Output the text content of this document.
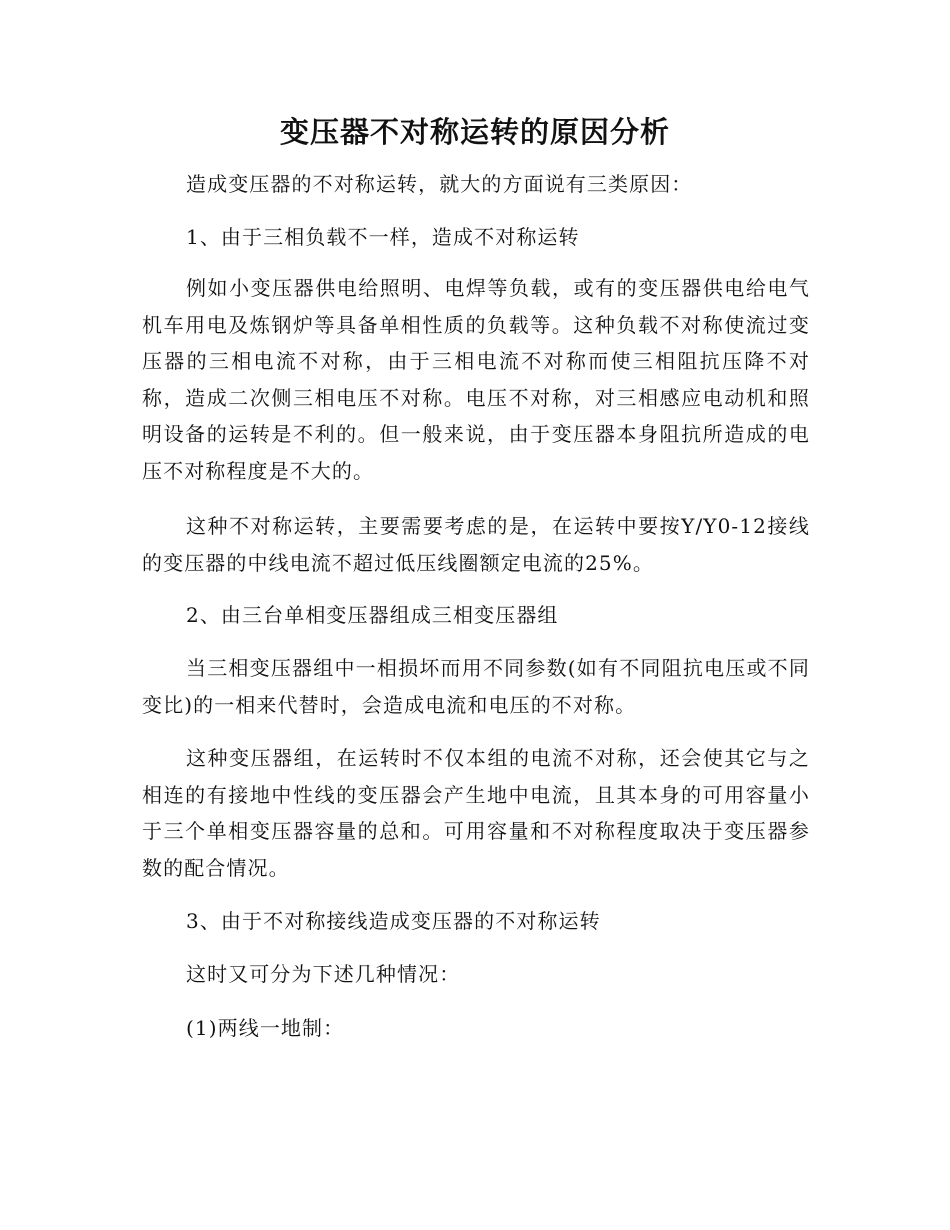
变压器不对称运转的原因分析

造成变压器的不对称运转，就大的方面说有三类原因：

1、由于三相负载不一样，造成不对称运转

例如小变压器供电给照明、电焊等负载，或有的变压器供电给电气机车用电及炼钢炉等具备单相性质的负载等。这种负载不对称使流过变压器的三相电流不对称，由于三相电流不对称而使三相阻抗压降不对称，造成二次侧三相电压不对称。电压不对称，对三相感应电动机和照明设备的运转是不利的。但一般来说，由于变压器本身阻抗所造成的电压不对称程度是不大的。

这种不对称运转，主要需要考虑的是，在运转中要按Y/Y0-12接线的变压器的中线电流不超过低压线圈额定电流的25%。

2、由三台单相变压器组成三相变压器组

当三相变压器组中一相损坏而用不同参数(如有不同阻抗电压或不同变比)的一相来代替时，会造成电流和电压的不对称。

这种变压器组，在运转时不仅本组的电流不对称，还会使其它与之相连的有接地中性线的变压器会产生地中电流，且其本身的可用容量小于三个单相变压器容量的总和。可用容量和不对称程度取决于变压器参数的配合情况。

3、由于不对称接线造成变压器的不对称运转

这时又可分为下述几种情况：

(1)两线一地制：
